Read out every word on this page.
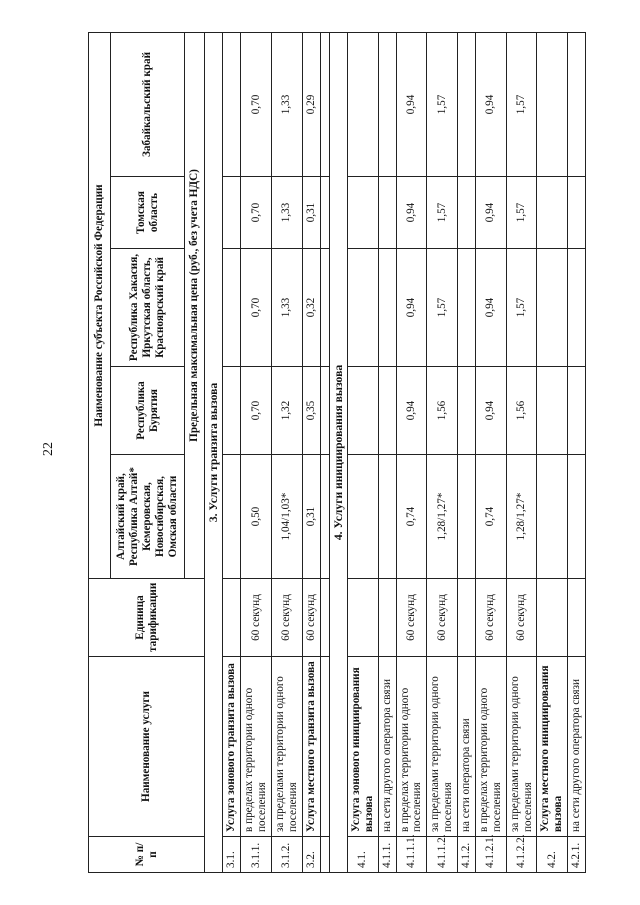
22
№ п/п	Наименование услуги	Единица тарификации	Наименование субъекта Российской Федерации				
			Алтайский край, Республика Алтай* Кемеровская, Новосибирская, Омская области	Республика Бурятия	Республика Хакасия, Иркутская область, Красноярский край	Томская область	Забайкальский край
			Предельная максимальная цена (руб., без учета НДС)				
3. Услуги транзита вызова							
3.1.	Услуга зонового транзита вызова						
3.1.1.	в пределах территории одного поселения	60 секунд	0,50	0,70	0,70	0,70	0,70
3.1.2.	за пределами территории одного поселения	60 секунд	1,04/1,03*	1,32	1,33	1,33	1,33
3.2.	Услуга местного транзита вызова	60 секунд	0,31	0,35	0,32	0,31	0,29

4. Услуги инициирования вызова							
4.1.	Услуга зонового инициирования вызова						
4.1.1.	на сети другого оператора связи						
4.1.1.1.	в пределах территории одного поселения	60 секунд	0,74	0,94	0,94	0,94	0,94
4.1.1.2.	за пределами территории одного поселения	60 секунд	1,28/1,27*	1,56	1,57	1,57	1,57
4.1.2.	на сети оператора связи						
4.1.2.1.	в пределах территории одного поселения	60 секунд	0,74	0,94	0,94	0,94	0,94
4.1.2.2.	за пределами территории одного поселения	60 секунд	1,28/1,27*	1,56	1,57	1,57	1,57
4.2.	Услуга местного инициирования вызова						
4.2.1.	на сети другого оператора связи						
